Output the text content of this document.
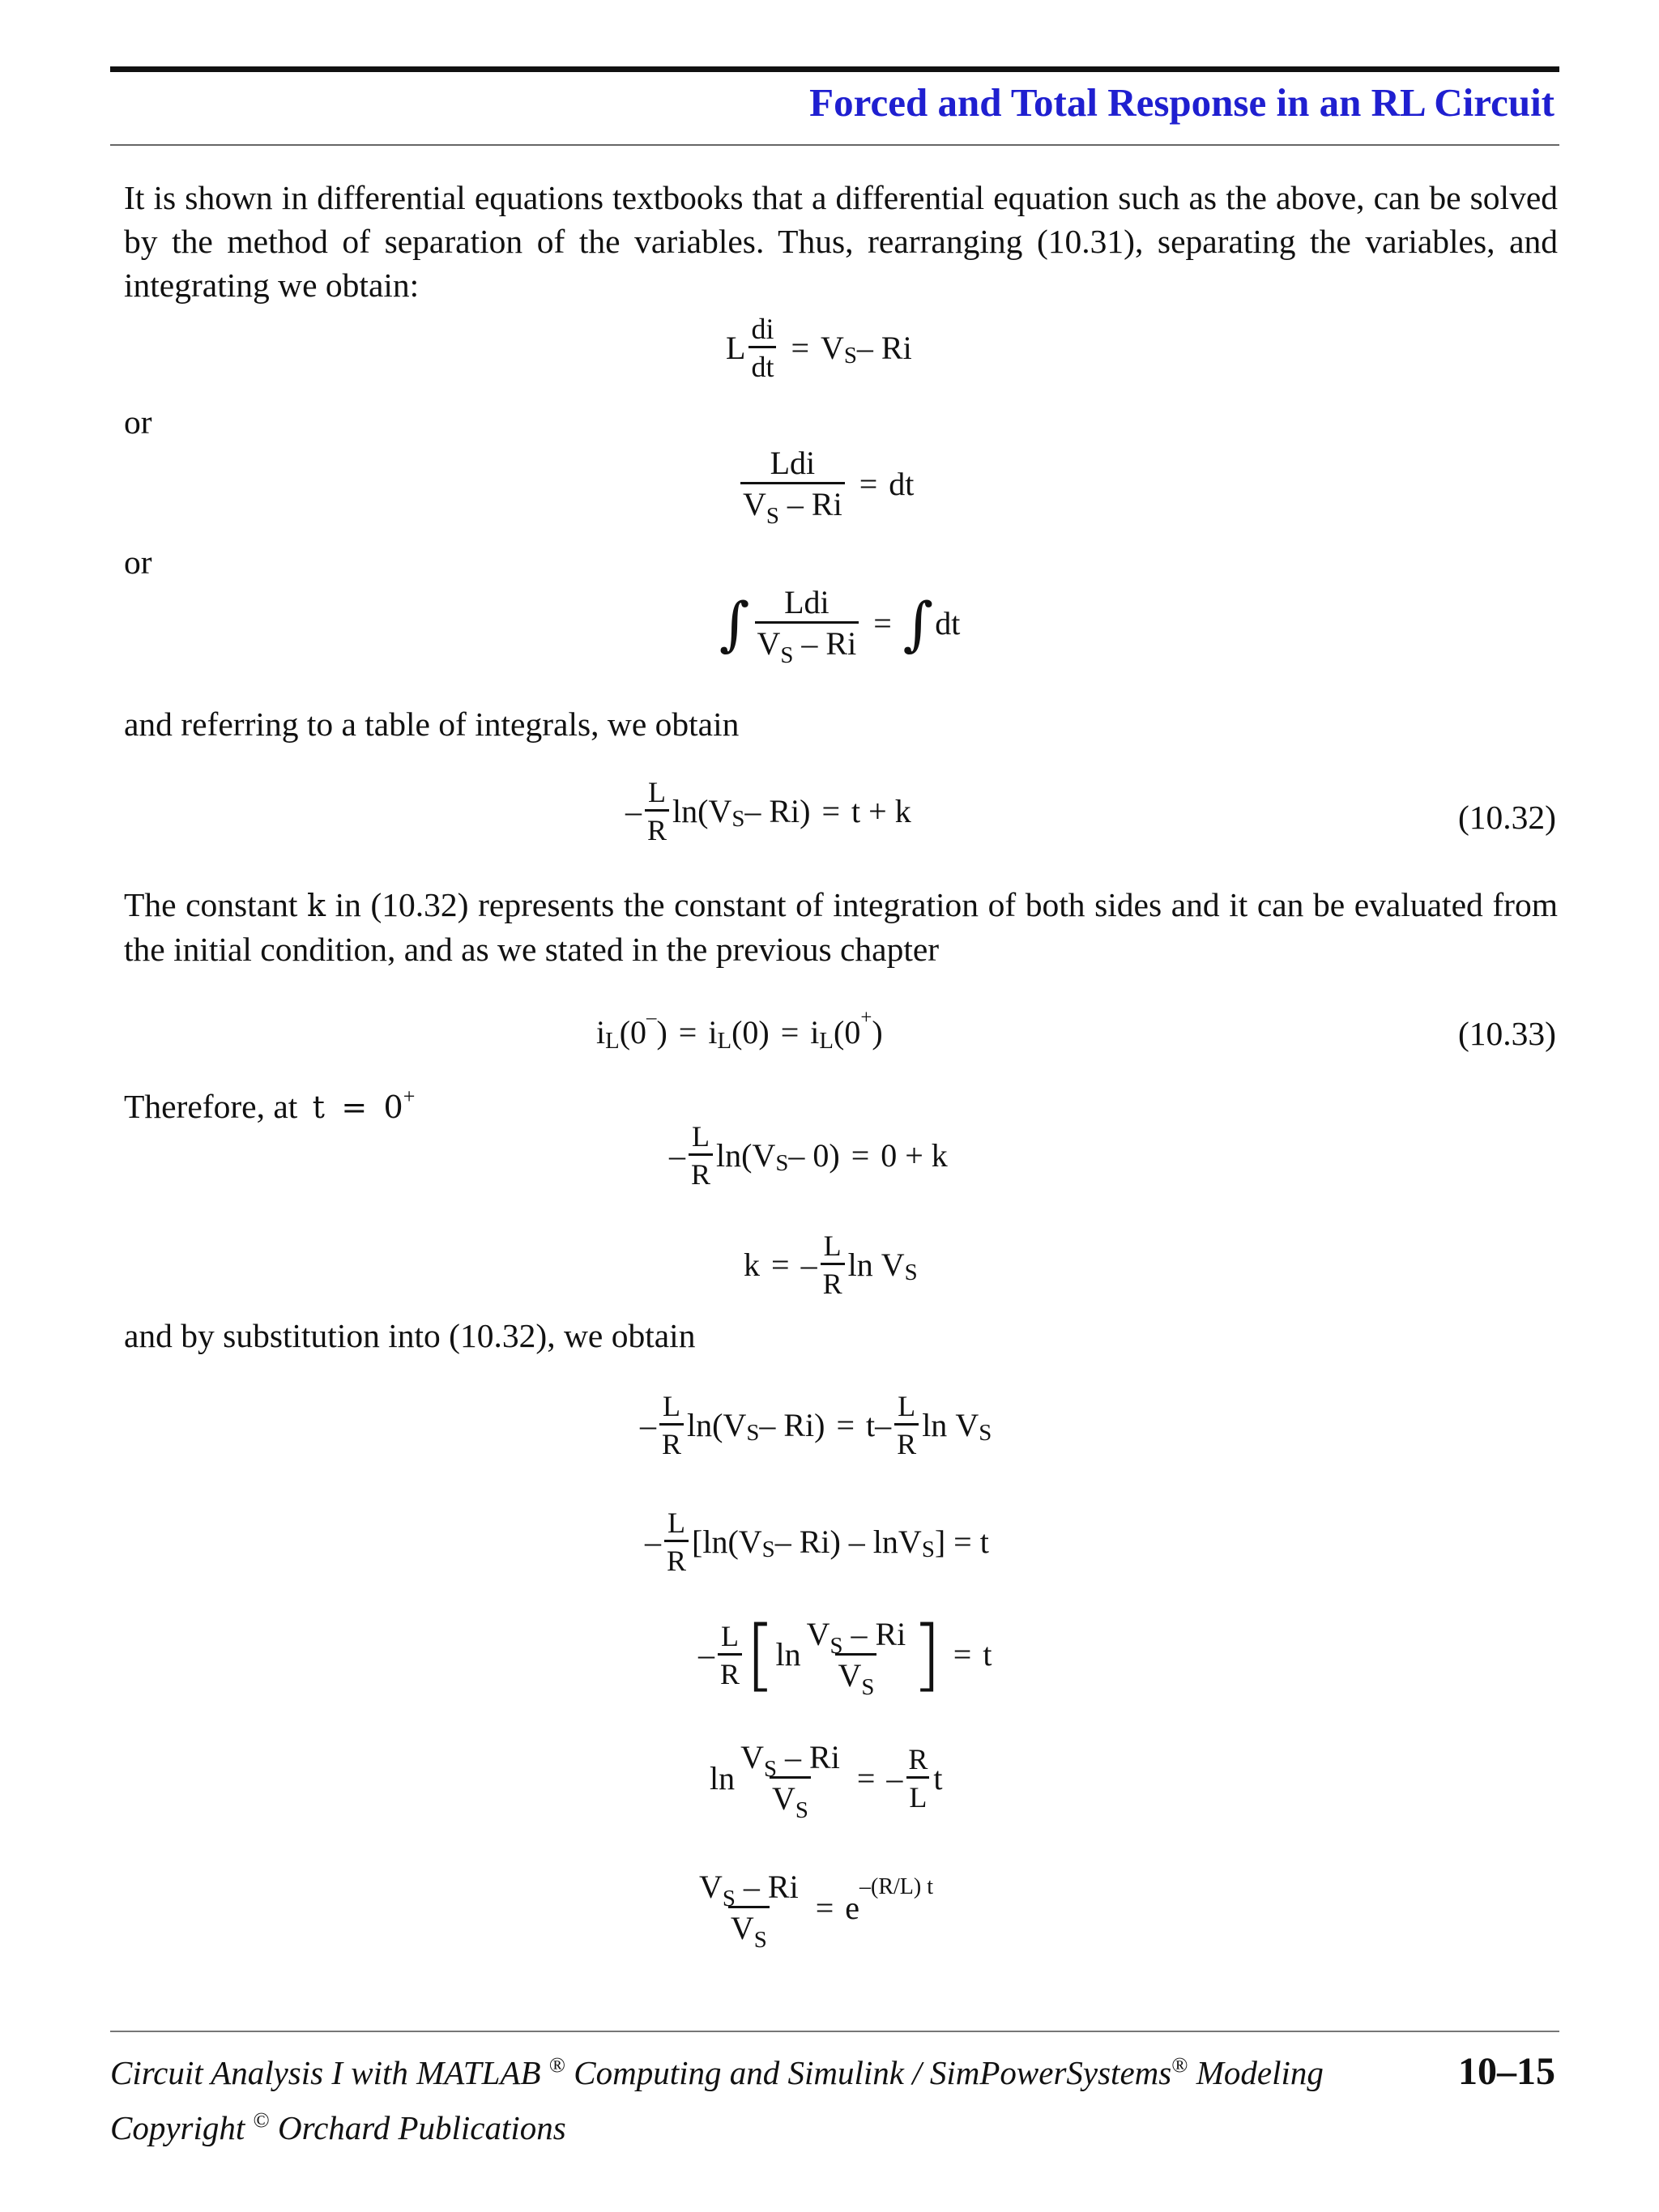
Forced and Total Response in an RL Circuit
It is shown in differential equations textbooks that a differential equation such as the above, can be solved by the method of separation of the variables. Thus, rearranging (10.31), separating the variables, and integrating we obtain:
L $\frac{di}{dt} = V$ S – Ri
or
$\frac{\text{Ldi}}{V_S - Ri}$ = dt
or
∫ $\frac{\text{Ldi}}{V_S - Ri}$ = ∫ dt
and referring to a table of integrals, we obtain
– $\frac{L}{R} \ln(V$ S – Ri ) = t + k	(10.32)
The constant k in (10.32) represents the constant of integration of both sides and it can be evaluated from the initial condition, and as we stated in the previous chapter
i L ( 0 – ) = i L ( 0 ) = i L ( 0 + )	(10.33)
Therefore, at t = 0+
– $\frac{L}{R} \ln(V$ S – 0) = 0 + k
k = – $\frac{L}{R}$ ln
V S
and by substitution into (10.32), we obtain
– $\frac{L}{R} \ln(V$ S – Ri ) = t – $\frac{L}{R}$ ln
V S
– $\frac{L}{R}$ [ ln(V S – Ri ) – lnV S ] = t
– $\frac{L}{R}$ [ $\ln \frac{V_S - Ri}{V_S}$ ] = t
$\ln \frac{V_S - Ri}{V_S}$ = – $\frac{R}{L}$ t
$\frac{V_S - Ri}{V_S} = e$
–(R/L) t
Circuit Analysis I with MATLAB ® Computing and Simulink / SimPowerSystems® Modeling	10–15
Copyright © Orchard Publications
